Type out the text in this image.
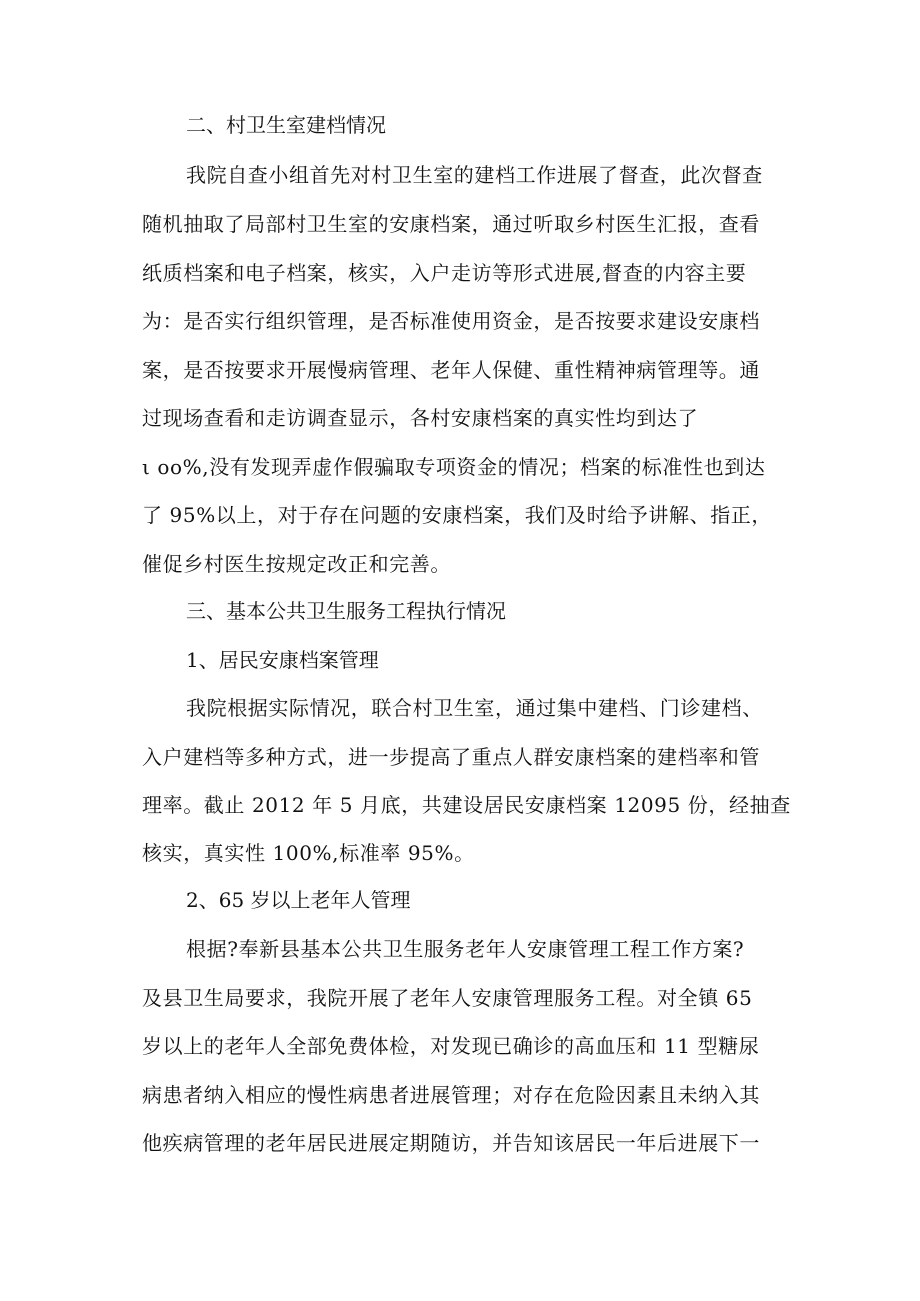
二、村卫生室建档情况
我院自查小组首先对村卫生室的建档工作进展了督查，此次督查
随机抽取了局部村卫生室的安康档案，通过听取乡村医生汇报，查看
纸质档案和电子档案，核实，入户走访等形式进展,督查的内容主要
为：是否实行组织管理，是否标准使用资金，是否按要求建设安康档
案，是否按要求开展慢病管理、老年人保健、重性精神病管理等。通
过现场查看和走访调查显示，各村安康档案的真实性均到达了
ι oo%,没有发现弄虚作假骗取专项资金的情况；档案的标准性也到达
了 95%以上，对于存在问题的安康档案，我们及时给予讲解、指正，
催促乡村医生按规定改正和完善。
三、基本公共卫生服务工程执行情况
1、居民安康档案管理
我院根据实际情况，联合村卫生室，通过集中建档、门诊建档、
入户建档等多种方式，进一步提高了重点人群安康档案的建档率和管
理率。截止 2012 年 5 月底，共建设居民安康档案 12095 份，经抽查
核实，真实性 100%,标准率 95%。
2、65 岁以上老年人管理
根据?奉新县基本公共卫生服务老年人安康管理工程工作方案?
及县卫生局要求，我院开展了老年人安康管理服务工程。对全镇 65
岁以上的老年人全部免费体检，对发现已确诊的高血压和 11 型糖尿
病患者纳入相应的慢性病患者进展管理；对存在危险因素且未纳入其
他疾病管理的老年居民进展定期随访，并告知该居民一年后进展下一
